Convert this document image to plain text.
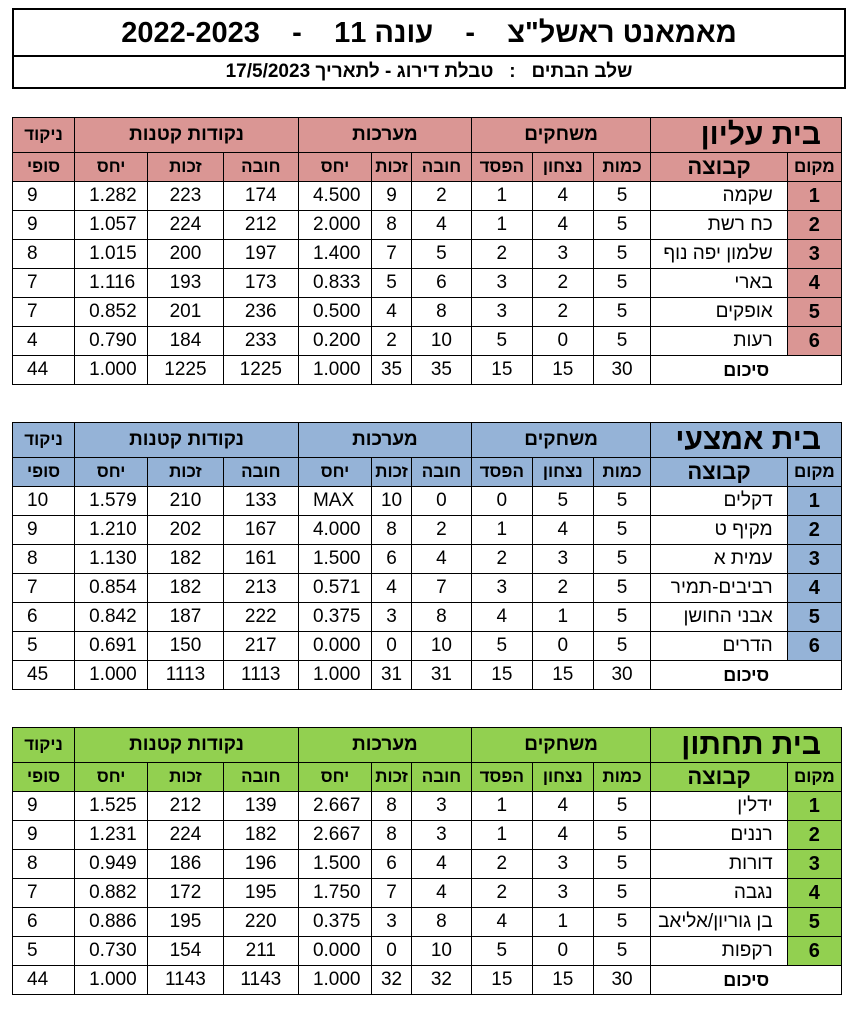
מאמאנט ראשל"צ    -    עונה 11    -    2022-2023
שלב הבתים   :   טבלת דירוג - לתאריך 17/5/2023
בית עליון		משחקים			מערכות			נקודות קטנות			ניקוד
מקום	קבוצה	כמות	נצחון	הפסד	חובה	זכות	יחס	חובה	זכות	יחס	סופי
1	שקמה	5	4	1	2	9	4.500	174	223	1.282	9
2	כח רשת	5	4	1	4	8	2.000	212	224	1.057	9
3	שלמון יפה נוף	5	3	2	5	7	1.400	197	200	1.015	8
4	בארי	5	2	3	6	5	0.833	173	193	1.116	7
5	אופקים	5	2	3	8	4	0.500	236	201	0.852	7
6	רעות	5	0	5	10	2	0.200	233	184	0.790	4
סיכום		30	15	15	35	35	1.000	1225	1225	1.000	44
בית אמצעי		משחקים			מערכות			נקודות קטנות			ניקוד
מקום	קבוצה	כמות	נצחון	הפסד	חובה	זכות	יחס	חובה	זכות	יחס	סופי
1	דקלים	5	5	0	0	10	MAX	133	210	1.579	10
2	מקיף ט	5	4	1	2	8	4.000	167	202	1.210	9
3	עמית א	5	3	2	4	6	1.500	161	182	1.130	8
4	רביבים-תמיר	5	2	3	7	4	0.571	213	182	0.854	7
5	אבני החושן	5	1	4	8	3	0.375	222	187	0.842	6
6	הדרים	5	0	5	10	0	0.000	217	150	0.691	5
סיכום		30	15	15	31	31	1.000	1113	1113	1.000	45
בית תחתון		משחקים			מערכות			נקודות קטנות			ניקוד
מקום	קבוצה	כמות	נצחון	הפסד	חובה	זכות	יחס	חובה	זכות	יחס	סופי
1	ידלין	5	4	1	3	8	2.667	139	212	1.525	9
2	רננים	5	4	1	3	8	2.667	182	224	1.231	9
3	דורות	5	3	2	4	6	1.500	196	186	0.949	8
4	נגבה	5	3	2	4	7	1.750	195	172	0.882	7
5	בן גוריון/אליאב	5	1	4	8	3	0.375	220	195	0.886	6
6	רקפות	5	0	5	10	0	0.000	211	154	0.730	5
סיכום		30	15	15	32	32	1.000	1143	1143	1.000	44
